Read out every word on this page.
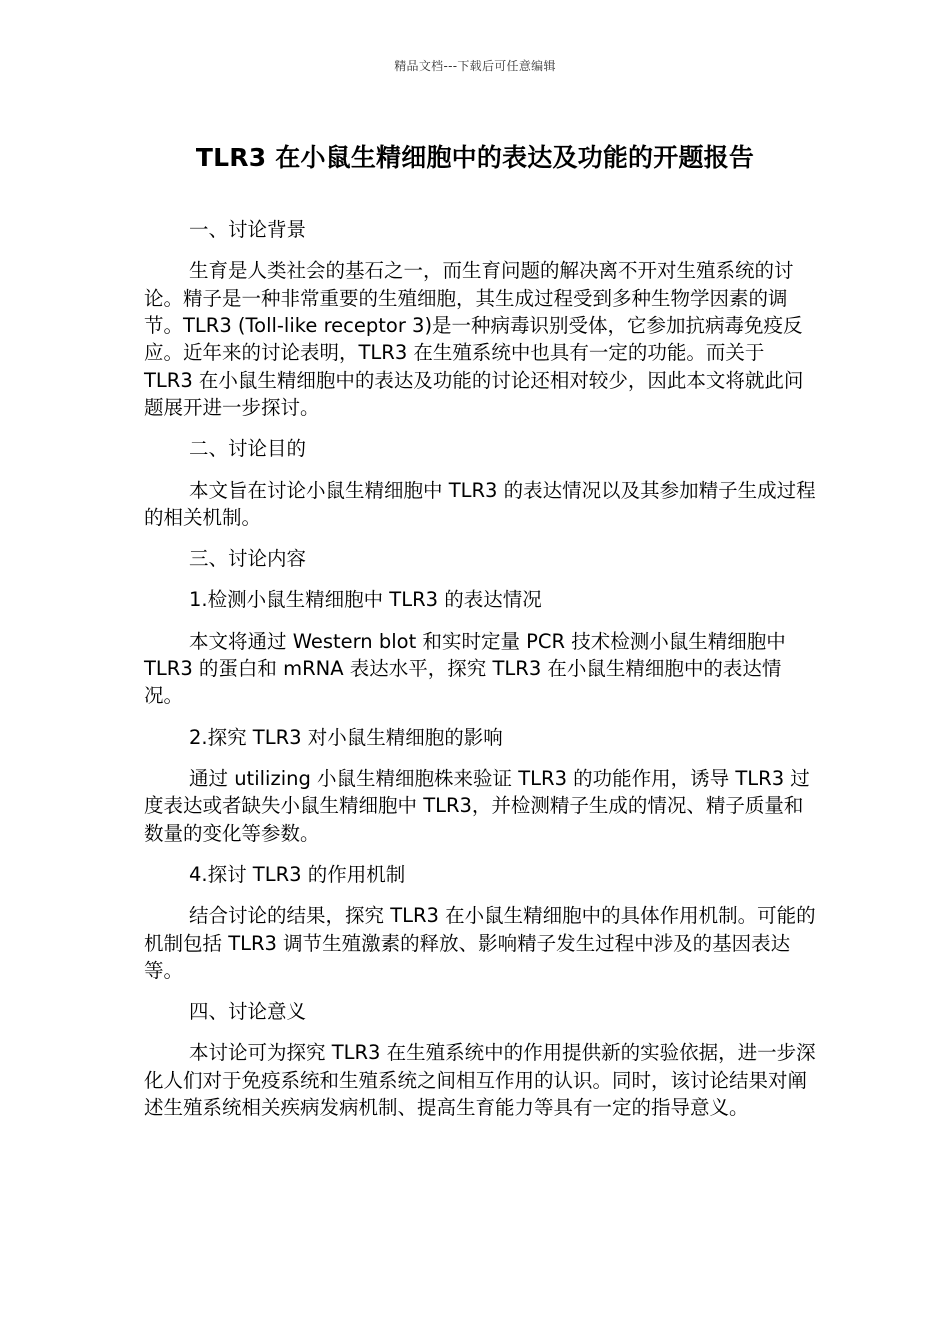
精品文档---下载后可任意编辑
TLR3 在小鼠生精细胞中的表达及功能的开题报告

一、讨论背景

生育是人类社会的基石之一，而生育问题的解决离不开对生殖系统的讨论。精子是一种非常重要的生殖细胞，其生成过程受到多种生物学因素的调节。TLR3 (Toll-like receptor 3)是一种病毒识别受体，它参加抗病毒免疫反应。近年来的讨论表明，TLR3 在生殖系统中也具有一定的功能。而关于 TLR3 在小鼠生精细胞中的表达及功能的讨论还相对较少，因此本文将就此问题展开进一步探讨。

二、讨论目的

本文旨在讨论小鼠生精细胞中 TLR3 的表达情况以及其参加精子生成过程的相关机制。

三、讨论内容

1.检测小鼠生精细胞中 TLR3 的表达情况

本文将通过 Western blot 和实时定量 PCR 技术检测小鼠生精细胞中 TLR3 的蛋白和 mRNA 表达水平，探究 TLR3 在小鼠生精细胞中的表达情况。

2.探究 TLR3 对小鼠生精细胞的影响

通过 utilizing 小鼠生精细胞株来验证 TLR3 的功能作用，诱导 TLR3 过度表达或者缺失小鼠生精细胞中 TLR3，并检测精子生成的情况、精子质量和数量的变化等参数。

4.探讨 TLR3 的作用机制

结合讨论的结果，探究 TLR3 在小鼠生精细胞中的具体作用机制。可能的机制包括 TLR3 调节生殖激素的释放、影响精子发生过程中涉及的基因表达等。

四、讨论意义

本讨论可为探究 TLR3 在生殖系统中的作用提供新的实验依据，进一步深化人们对于免疫系统和生殖系统之间相互作用的认识。同时，该讨论结果对阐述生殖系统相关疾病发病机制、提高生育能力等具有一定的指导意义。
